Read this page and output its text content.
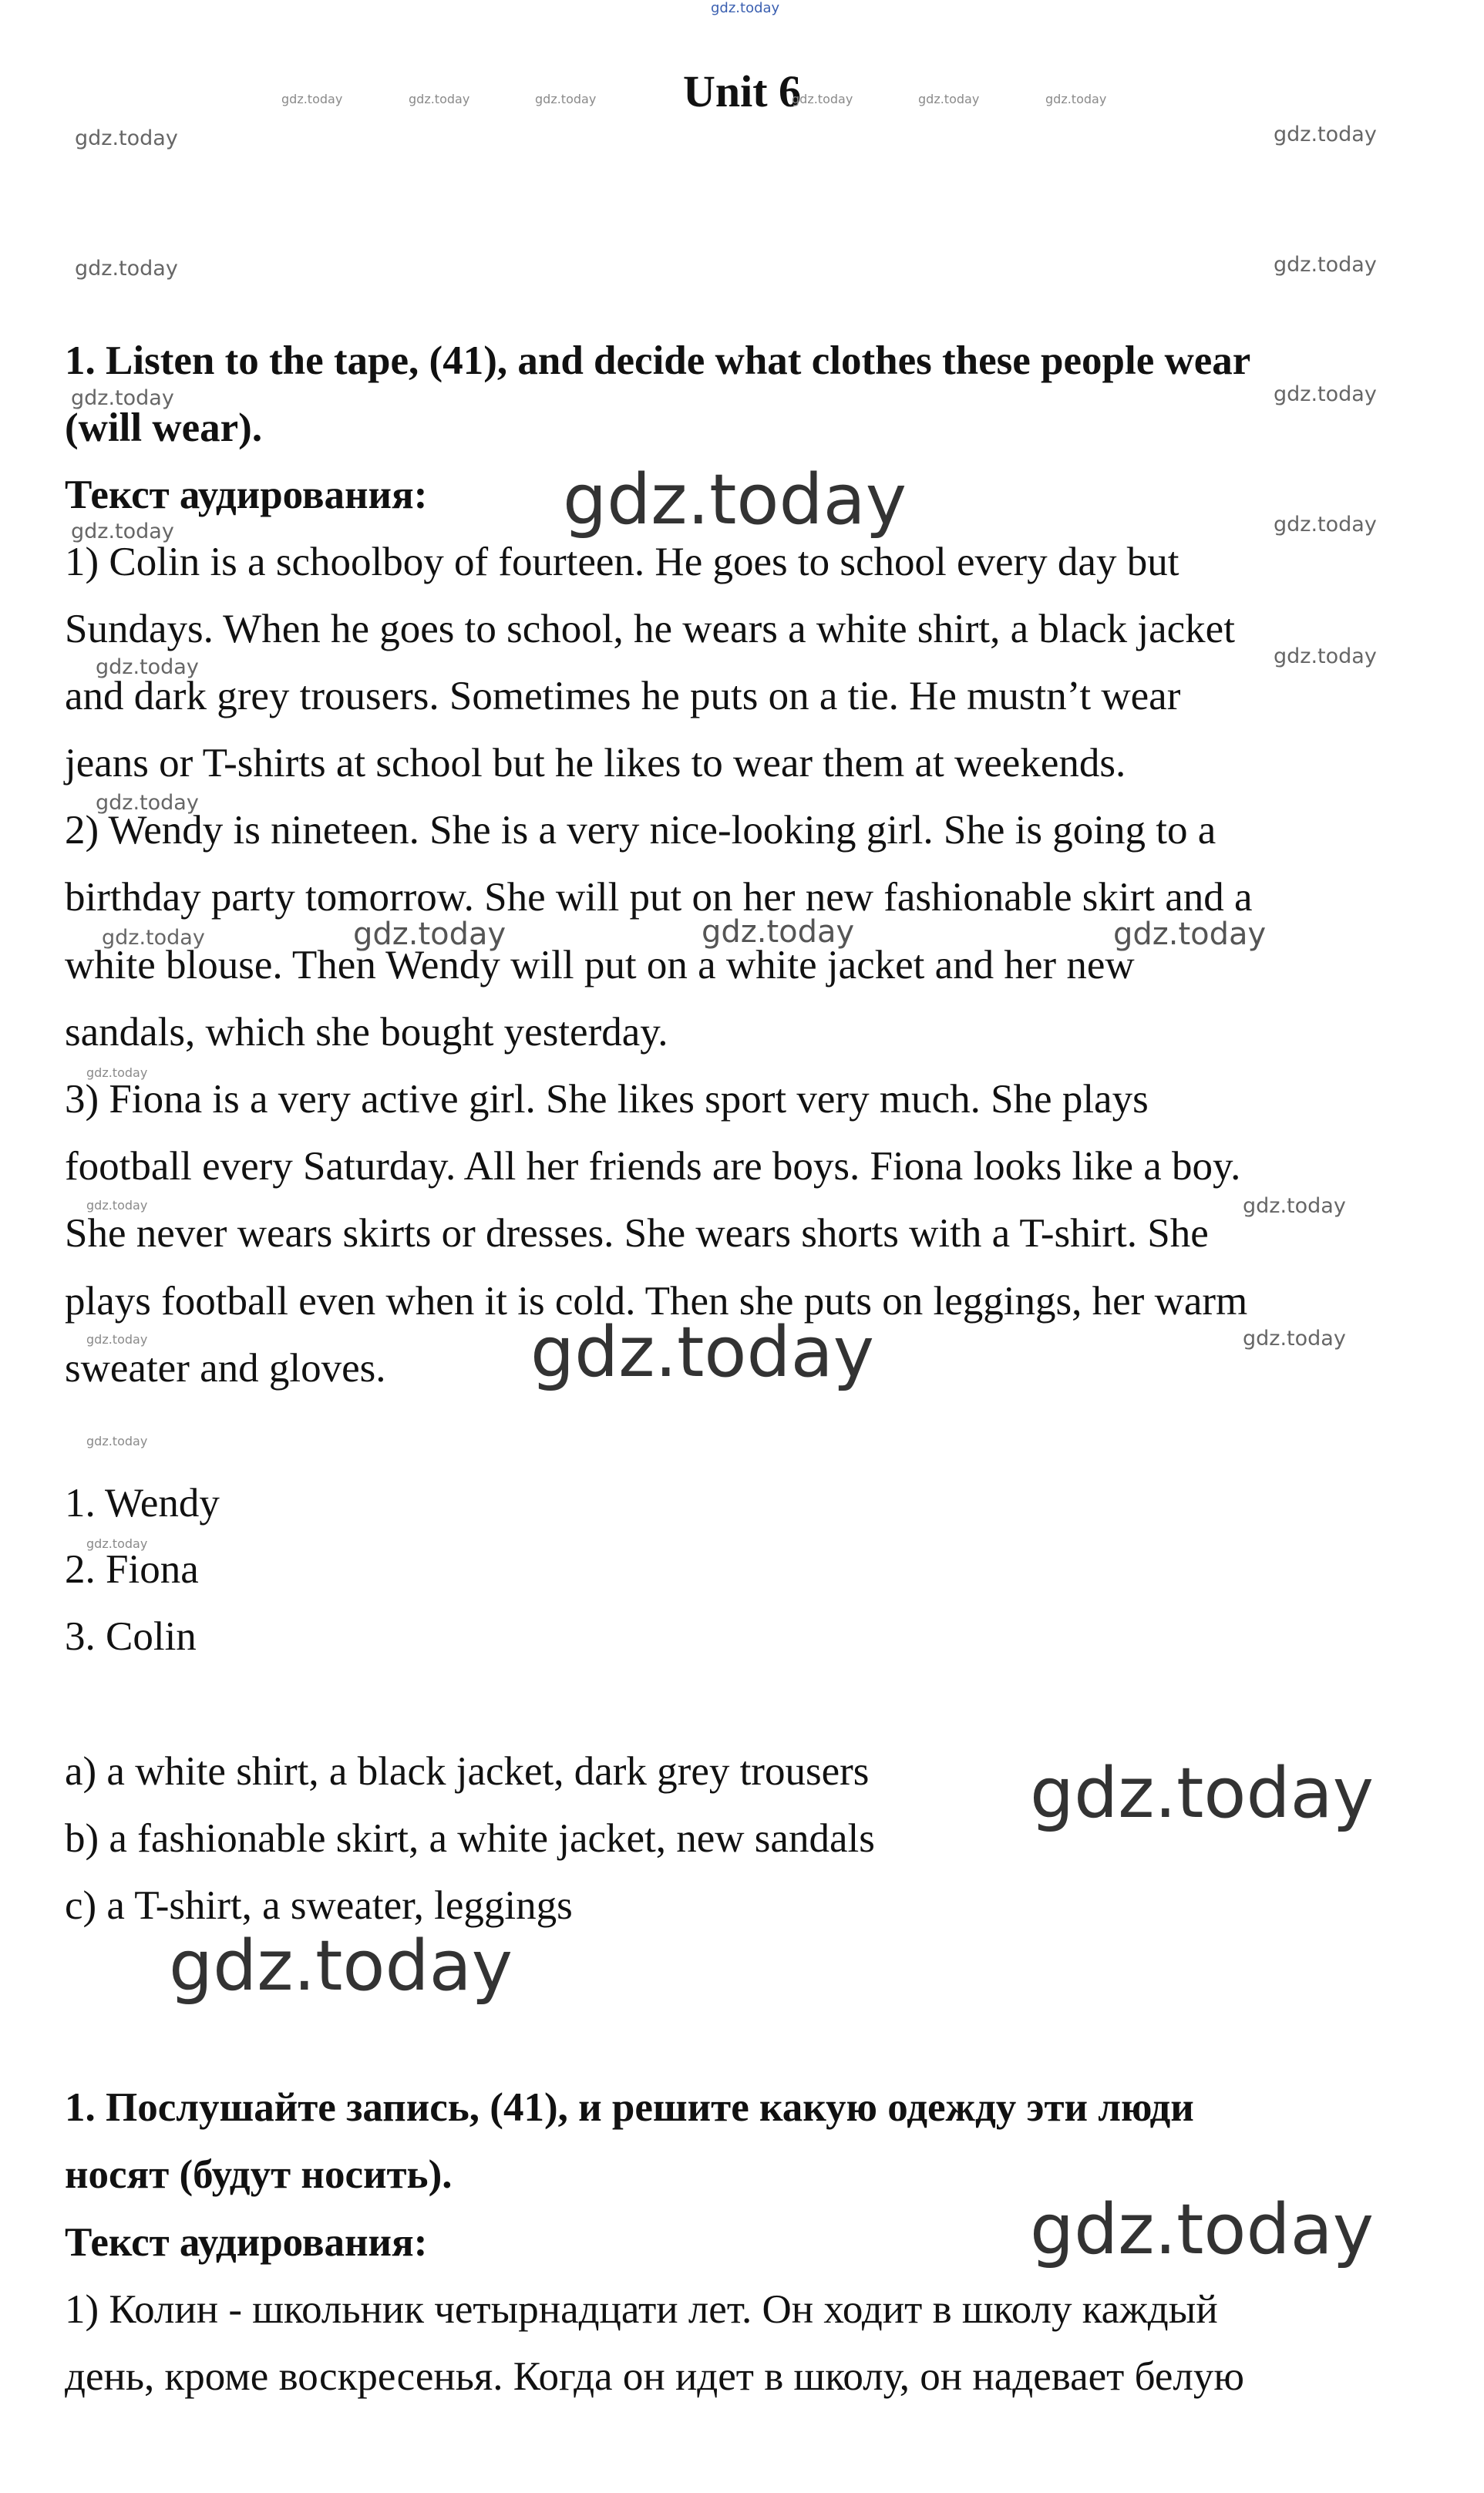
Unit 6
1. Listen to the tape, (41), and decide what clothes these people wear
(will wear).
Текст аудирования:
1) Colin is a schoolboy of fourteen. He goes to school every day but
Sundays. When he goes to school, he wears a white shirt, a black jacket
and dark grey trousers. Sometimes he puts on a tie. He mustn’t wear
jeans or T-shirts at school but he likes to wear them at weekends.
2) Wendy is nineteen. She is a very nice-looking girl. She is going to a
birthday party tomorrow. She will put on her new fashionable skirt and a
white blouse. Then Wendy will put on a white jacket and her new
sandals, which she bought yesterday.
3) Fiona is a very active girl. She likes sport very much. She plays
football every Saturday. All her friends are boys. Fiona looks like a boy.
She never wears skirts or dresses. She wears shorts with a T-shirt. She
plays football even when it is cold. Then she puts on leggings, her warm
sweater and gloves.
1. Wendy
2. Fiona
3. Colin
a) a white shirt, a black jacket, dark grey trousers
b) a fashionable skirt, a white jacket, new sandals
c) a T-shirt, a sweater, leggings
1. Послушайте запись, (41), и решите какую одежду эти люди
носят (будут носить).
Текст аудирования:
1) Колин - школьник четырнадцати лет. Он ходит в школу каждый
день, кроме воскресенья. Когда он идет в школу, он надевает белую
gdz.today
gdz.today	gdz.today	gdz.today	gdz.today	gdz.today	gdz.today
gdz.today	gdz.today
gdz.today	gdz.today
gdz.today	gdz.today
gdz.today	gdz.today
gdz.today	gdz.today
gdz.today
gdz.today	gdz.today	gdz.today	gdz.today
gdz.today
gdz.today	gdz.today
gdz.today	gdz.today
gdz.today
gdz.today
gdz.today
gdz.today
gdz.today
gdz.today
gdz.today
